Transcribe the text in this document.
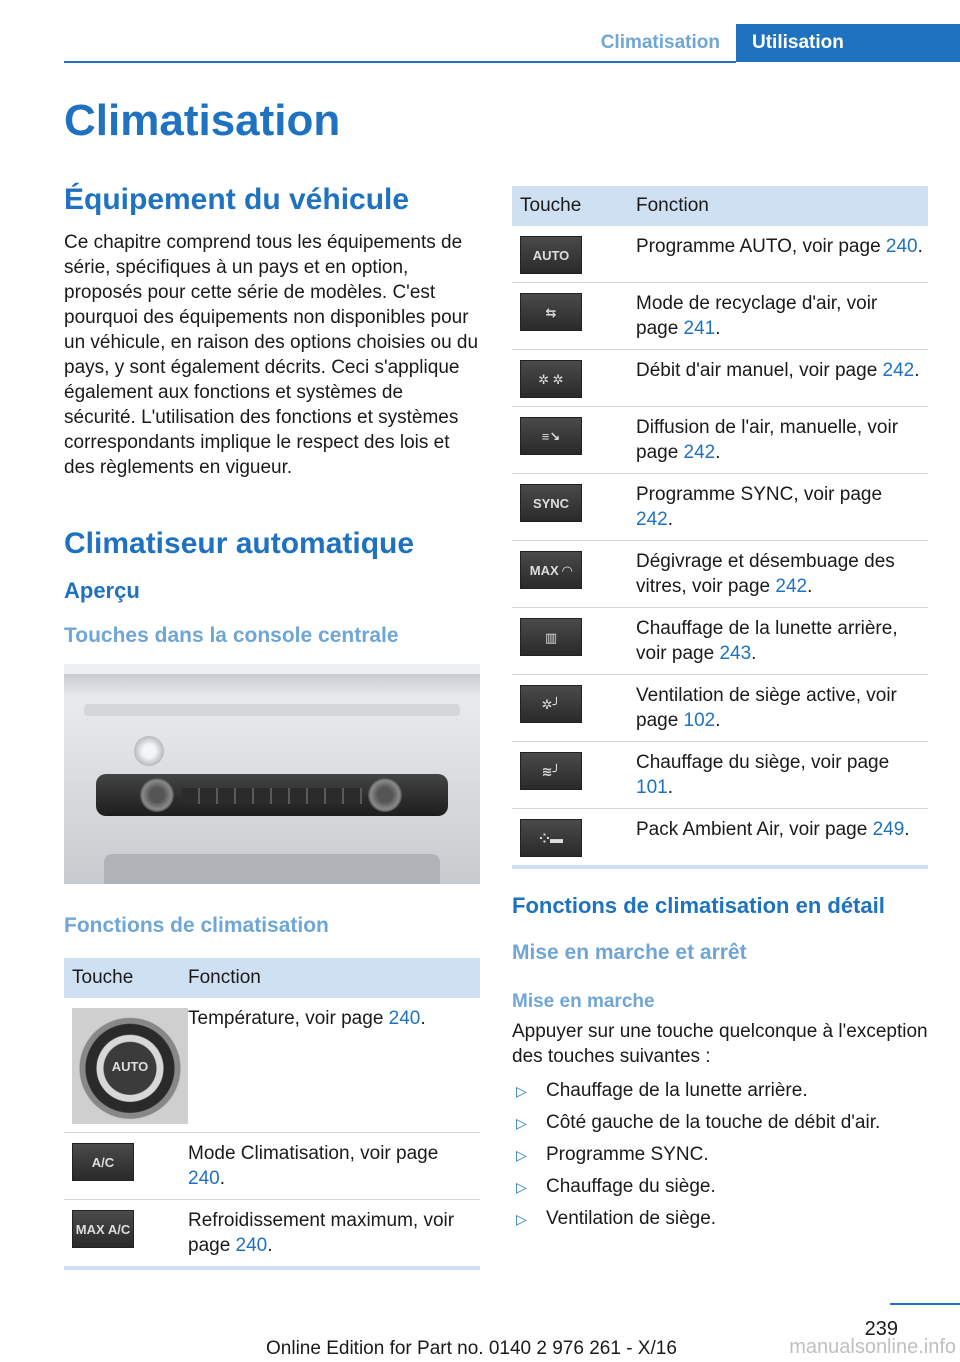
Climatisation	Utilisation
Climatisation
Équipement du véhicule

Ce chapitre comprend tous les équipements de série, spécifiques à un pays et en option, proposés pour cette série de modèles. C'est pourquoi des équipements non disponibles pour un véhicule, en raison des options choisies ou du pays, y sont également décrits. Ceci s'applique également aux fonctions et systèmes de sécurité. L'utilisation des fonctions et systèmes correspondants implique le respect des lois et des règlements en vigueur.

Climatiseur automatique
Aperçu
Touches dans la console centrale
Fonctions de climatisation
Touche	Fonction

AUTO	Température, voir page 240.

A/C	Mode Climatisation, voir page 240.

MAX A/C	Refroidissement maximum, voir page 240.
Touche	Fonction

AUTO	Programme AUTO, voir page 240.

⇆	Mode de recyclage d'air, voir page 241.

✲ ✲	Débit d'air manuel, voir page 242.

≡↘	Diffusion de l'air, manuelle, voir page 242.

SYNC	Programme SYNC, voir page 242.

MAX ◠	Dégivrage et désembuage des vitres, voir page 242.

▥	Chauffage de la lunette arrière, voir page 243.

✲╯	Ventilation de siège active, voir page 102.

≋╯	Chauffage du siège, voir page 101.

⁘▬	Pack Ambient Air, voir page 249.
Fonctions de climatisation en détail
Mise en marche et arrêt
Mise en marche

Appuyer sur une touche quelconque à l'exception des touches suivantes :

▷ Chauffage de la lunette arrière.
▷ Côté gauche de la touche de débit d'air.
▷ Programme SYNC.
▷ Chauffage du siège.
▷ Ventilation de siège.
239
Online Edition for Part no. 0140 2 976 261 - X/16	manualsonline.info
